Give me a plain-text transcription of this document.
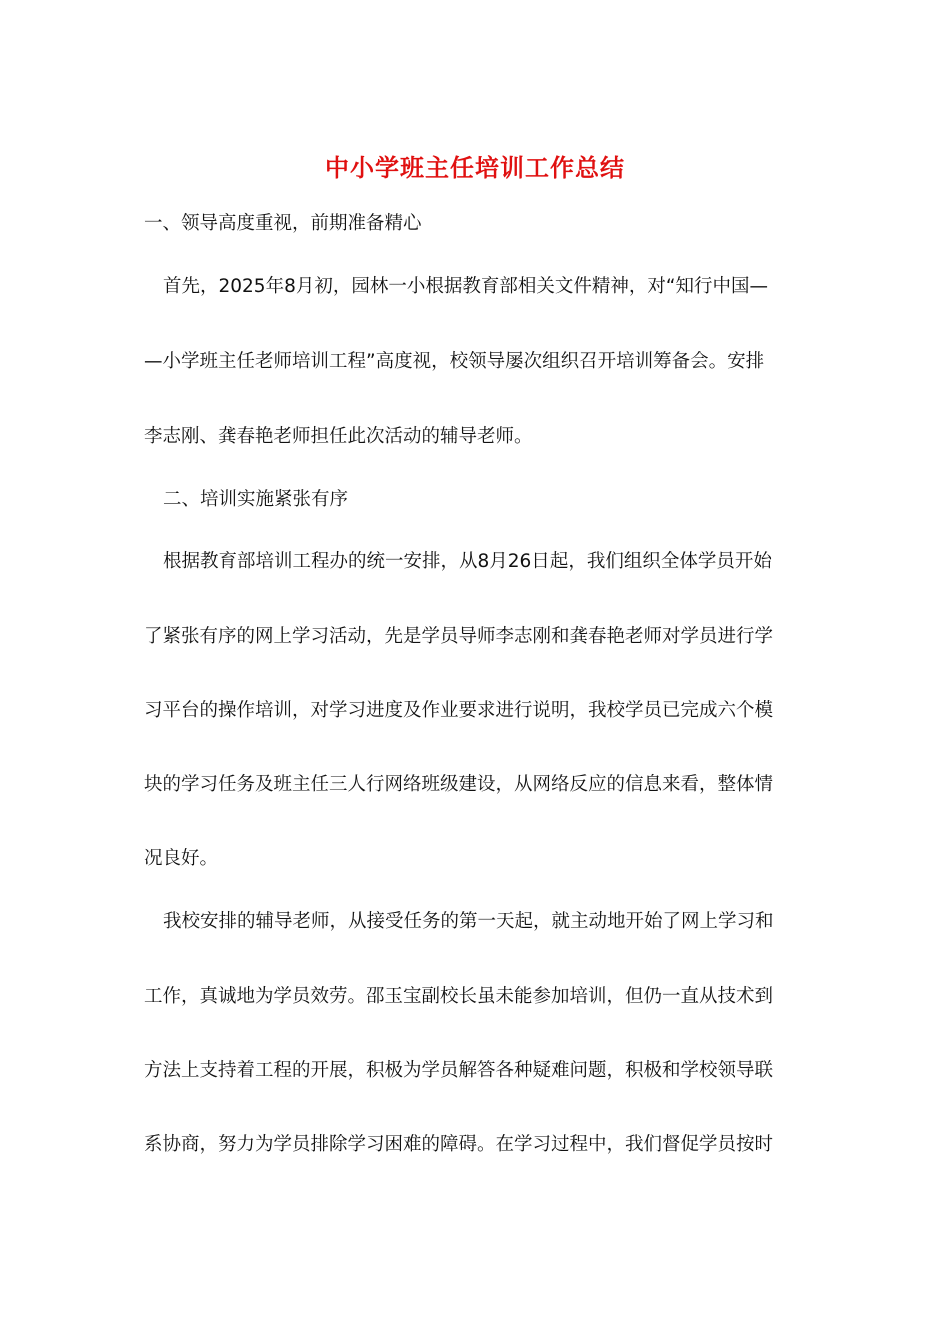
中小学班主任培训工作总结
一、领导高度重视，前期准备精心
首先，2025年8月初，园林一小根据教育部相关文件精神，对“知行中国—
—小学班主任老师培训工程”高度视，校领导屡次组织召开培训筹备会。安排
李志刚、龚春艳老师担任此次活动的辅导老师。
二、培训实施紧张有序
根据教育部培训工程办的统一安排，从8月26日起，我们组织全体学员开始
了紧张有序的网上学习活动，先是学员导师李志刚和龚春艳老师对学员进行学
习平台的操作培训，对学习进度及作业要求进行说明，我校学员已完成六个模
块的学习任务及班主任三人行网络班级建设，从网络反应的信息来看，整体情
况良好。
我校安排的辅导老师，从接受任务的第一天起，就主动地开始了网上学习和
工作，真诚地为学员效劳。邵玉宝副校长虽未能参加培训，但仍一直从技术到
方法上支持着工程的开展，积极为学员解答各种疑难问题，积极和学校领导联
系协商，努力为学员排除学习困难的障碍。在学习过程中，我们督促学员按时
